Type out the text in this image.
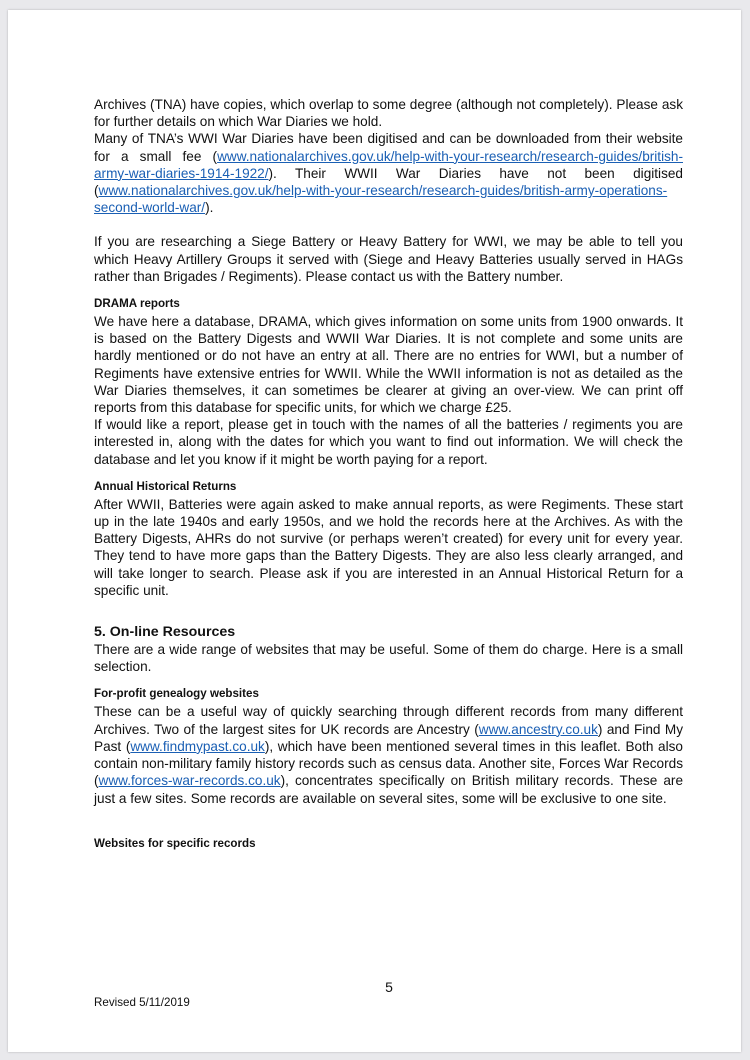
Archives (TNA) have copies, which overlap to some degree (although not completely). Please ask for further details on which War Diaries we hold.

Many of TNA’s WWI War Diaries have been digitised and can be downloaded from their website for a small fee (www.nationalarchives.gov.uk/help-with-your-research/research-guides/british-army-war-diaries-1914-1922/). Their WWII War Diaries have not been digitised (www.nationalarchives.gov.uk/help-with-your-research/research-guides/british-army-operations-second-world-war/).

If you are researching a Siege Battery or Heavy Battery for WWI, we may be able to tell you which Heavy Artillery Groups it served with (Siege and Heavy Batteries usually served in HAGs rather than Brigades / Regiments). Please contact us with the Battery number.

DRAMA reports

We have here a database, DRAMA, which gives information on some units from 1900 onwards. It is based on the Battery Digests and WWII War Diaries. It is not complete and some units are hardly mentioned or do not have an entry at all. There are no entries for WWI, but a number of Regiments have extensive entries for WWII. While the WWII information is not as detailed as the War Diaries themselves, it can sometimes be clearer at giving an over-view. We can print off reports from this database for specific units, for which we charge £25.

If would like a report, please get in touch with the names of all the batteries / regiments you are interested in, along with the dates for which you want to find out information. We will check the database and let you know if it might be worth paying for a report.

Annual Historical Returns

After WWII, Batteries were again asked to make annual reports, as were Regiments. These start up in the late 1940s and early 1950s, and we hold the records here at the Archives. As with the Battery Digests, AHRs do not survive (or perhaps weren’t created) for every unit for every year. They tend to have more gaps than the Battery Digests. They are also less clearly arranged, and will take longer to search. Please ask if you are interested in an Annual Historical Return for a specific unit.

5. On-line Resources

There are a wide range of websites that may be useful. Some of them do charge. Here is a small selection.

For-profit genealogy websites

These can be a useful way of quickly searching through different records from many different Archives. Two of the largest sites for UK records are Ancestry (www.ancestry.co.uk) and Find My Past (www.findmypast.co.uk), which have been mentioned several times in this leaflet. Both also contain non-military family history records such as census data. Another site, Forces War Records (www.forces-war-records.co.uk), concentrates specifically on British military records. These are just a few sites. Some records are available on several sites, some will be exclusive to one site.

Websites for specific records
5
Revised 5/11/2019
